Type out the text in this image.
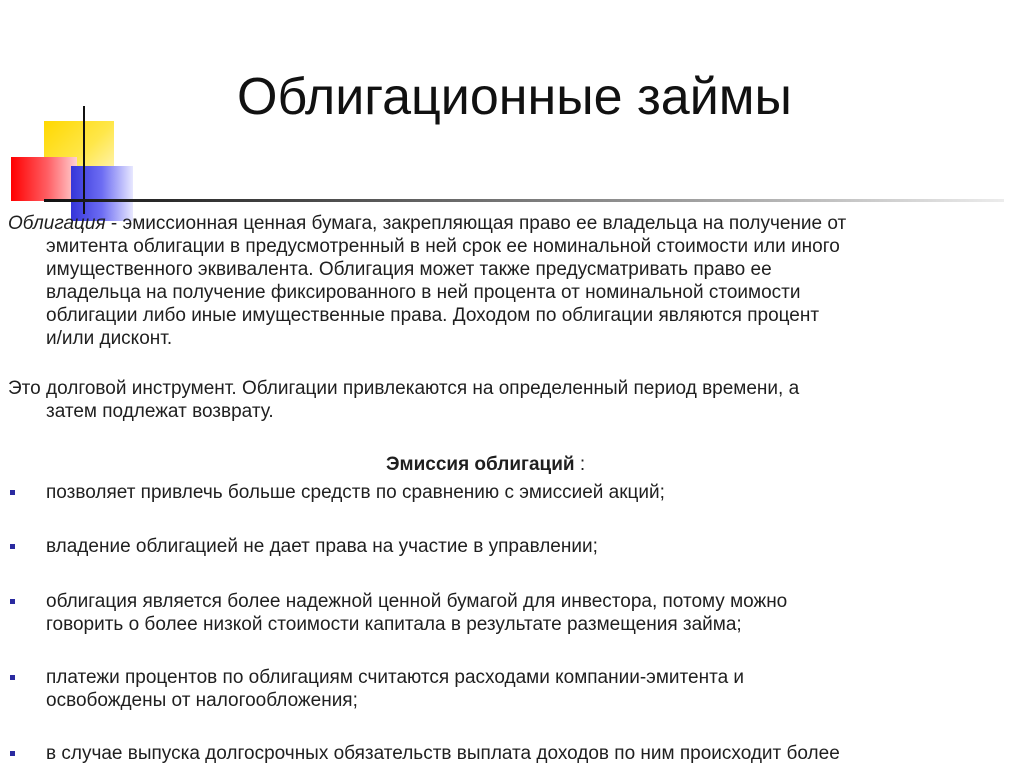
Облигационные займы
Облигация - эмиссионная ценная бумага, закрепляющая право ее владельца на получение от
эмитента облигации в предусмотренный в ней срок ее номинальной стоимости или иного
имущественного эквивалента. Облигация может также предусматривать право ее
владельца на получение фиксированного в ней процента от номинальной стоимости
облигации либо иные имущественные права. Доходом по облигации являются процент
и/или дисконт.
Это долговой инструмент. Облигации привлекаются на определенный период времени, а
затем подлежат возврату.
Эмиссия облигаций :
позволяет привлечь больше средств по сравнению с эмиссией акций;
владение облигацией не дает права на участие в управлении;
облигация является более надежной ценной бумагой для инвестора, потому можно
говорить о более низкой стоимости капитала в результате размещения займа;
платежи процентов по облигациям считаются расходами компании-эмитента и
освобождены от налогообложения;
в случае выпуска долгосрочных обязательств выплата доходов по ним происходит более
